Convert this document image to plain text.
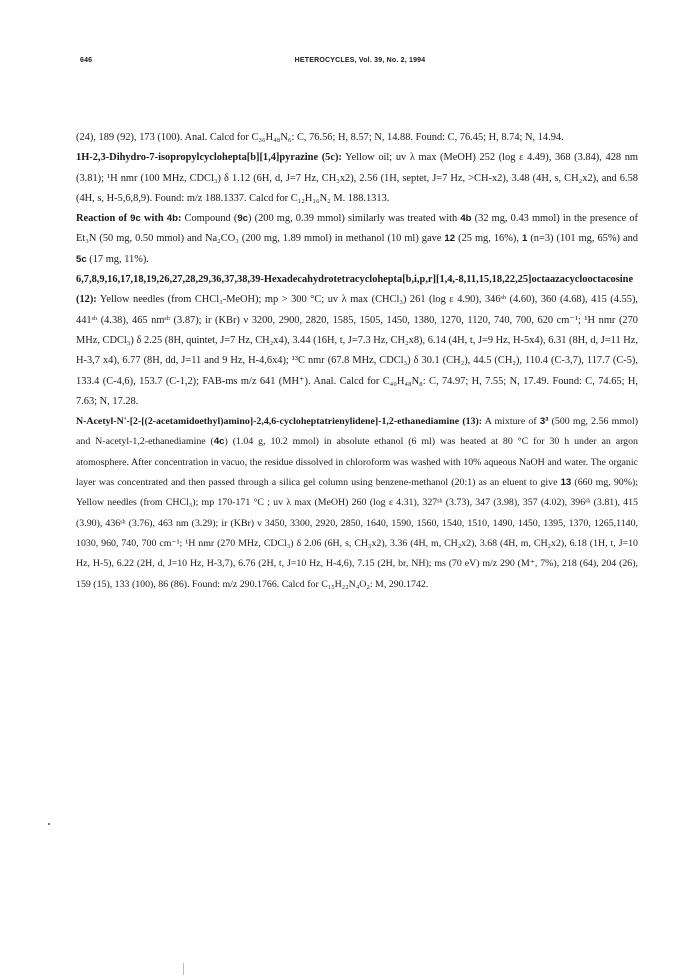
646	HETEROCYCLES, Vol. 39, No. 2, 1994

(24), 189 (92), 173 (100). Anal. Calcd for C₃₆H₄₈N₆: C, 76.56; H, 8.57; N, 14.88. Found: C, 76.45; H, 8.74; N, 14.94.

1H-2,3-Dihydro-7-isopropylcyclohepta[b][1,4]pyrazine (5c): Yellow oil; uv λ max (MeOH) 252 (log ε 4.49), 368 (3.84), 428 nm (3.81); ¹H nmr (100 MHz, CDCl₃) δ 1.12 (6H, d, J=7 Hz, CH₃x2), 2.56 (1H, septet, J=7 Hz, >CH-x2), 3.48 (4H, s, CH₂x2), and 6.58 (4H, s, H-5,6,8,9). Found: m/z 188.1337. Calcd for C₁₂H₁₆N₂ M. 188.1313.

Reaction of 9c with 4b: Compound (9c) (200 mg, 0.39 mmol) similarly was treated with 4b (32 mg, 0.43 mmol) in the presence of Et₃N (50 mg, 0.50 mmol) and Na₂CO₃ (200 mg, 1.89 mmol) in methanol (10 ml) gave 12 (25 mg, 16%), 1 (n=3) (101 mg, 65%) and 5c (17 mg, 11%).

6,7,8,9,16,17,18,19,26,27,28,29,36,37,38,39-Hexadecahydrotetracyclohepta[b,i,p,r][1,4,-8,11,15,18,22,25]octaazacyclooctacosine (12): Yellow needles (from CHCl₃-MeOH); mp > 300 °C; uv λ max (CHCl₃) 261 (log ε 4.90), 346ˢʰ (4.60), 360 (4.68), 415 (4.55), 441ˢʰ (4.38), 465 nmˢʰ (3.87); ir (KBr) ν 3200, 2900, 2820, 1585, 1505, 1450, 1380, 1270, 1120, 740, 700, 620 cm⁻¹; ¹H nmr (270 MHz, CDCl₃) δ 2.25 (8H, quintet, J=7 Hz, CH₂x4), 3.44 (16H, t, J=7.3 Hz, CH₂x8), 6.14 (4H, t, J=9 Hz, H-5x4), 6.31 (8H, d, J=11 Hz, H-3,7 x4), 6.77 (8H, dd, J=11 and 9 Hz, H-4,6x4); ¹³C nmr (67.8 MHz, CDCl₃) δ 30.1 (CH₂), 44.5 (CH₂), 110.4 (C-3,7), 117.7 (C-5), 133.4 (C-4,6), 153.7 (C-1,2); FAB-ms m/z 641 (MH⁺). Anal. Calcd for C₄₀H₄₈N₈: C, 74.97; H, 7.55; N, 17.49. Found: C, 74.65; H, 7.63; N, 17.28.

N-Acetyl-N'-[2-[(2-acetamidoethyl)amino]-2,4,6-cycloheptatrienylidene]-1,2-ethanediamine (13): A mixture of 3³ (500 mg, 2.56 mmol) and N-acetyl-1,2-ethanediamine (4c) (1.04 g, 10.2 mmol) in absolute ethanol (6 ml) was heated at 80 °C for 30 h under an argon atomosphere. After concentration in vacuo, the residue dissolved in chloroform was washed with 10% aqueous NaOH and water. The organic layer was concentrated and then passed through a silica gel column using benzene-methanol (20:1) as an eluent to give 13 (660 mg, 90%); Yellow needles (from CHCl₃); mp 170-171 °C ; uv λ max (MeOH) 260 (log ε 4.31), 327ˢʰ (3.73), 347 (3.98), 357 (4.02), 396ˢʰ (3.81), 415 (3.90), 436ˢʰ (3.76), 463 nm (3.29); ir (KBr) ν 3450, 3300, 2920, 2850, 1640, 1590, 1560, 1540, 1510, 1490, 1450, 1395, 1370, 1265,1140, 1030, 960, 740, 700 cm⁻¹; ¹H nmr (270 MHz, CDCl₃) δ 2.06 (6H, s, CH₃x2), 3.36 (4H, m, CH₂x2), 3.68 (4H, m, CH₂x2), 6.18 (1H, t, J=10 Hz, H-5), 6.22 (2H, d, J=10 Hz, H-3,7), 6.76 (2H, t, J=10 Hz, H-4,6), 7.15 (2H, br, NH); ms (70 eV) m/z 290 (M⁺, 7%), 218 (64), 204 (26), 159 (15), 133 (100), 86 (86). Found: m/z 290.1766. Calcd for C₁₅H₂₂N₄O₂: M, 290.1742.
